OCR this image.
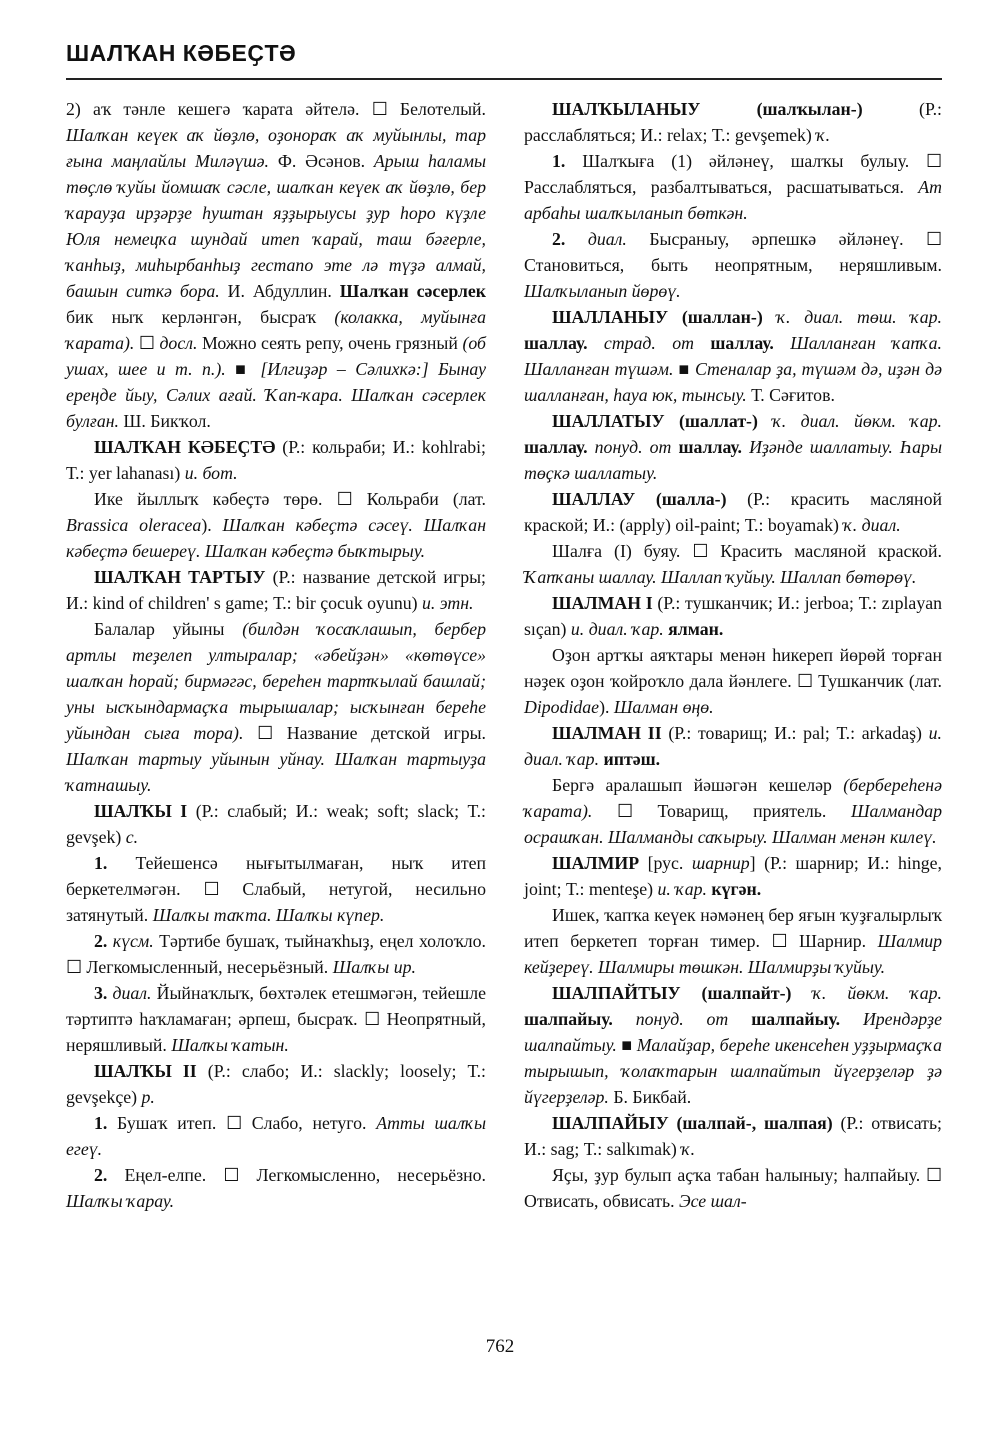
ШАЛҠАН КӘБЕҪТӘ

2) аҡ тәнле кешегә ҡарата әйтелә. ☐ Белотелый. Шалҡан кеүек аҡ йөҙлө, оҙонораҡ аҡ муйынлы, тар ғына маңлайлы Миләүшә. Ф. Әсәнов. Арыш һаламы төҫлө ҡуйы йомшаҡ сәсле, шалҡан кеүек аҡ йөҙлө, бер ҡарауҙа ирҙәрҙе һуштан яҙҙырыусы ҙур һоро күҙле Юля немецҡа шундай итеп ҡарай, таш бәғерле, ҡанһыҙ, миһырбанһыҙ гестапо эте лә түҙә алмай, башын ситкә бора. И. Абдуллин. Шалҡан сәсерлек бик ныҡ керләнгән, бысраҡ (колакка, муйынға ҡарата). ☐ досл. Можно сеять репу, очень грязный (об ушах, шее и т. п.). ■ [Илгиҙәр – Сәлихкә:] Бынау ереңде йыу, Сәлих ағай. Ҡап-ҡара. Шалҡан сәсерлек булған. Ш. Бикҡол.

ШАЛҠАН КӘБЕҪТӘ (Р.: кольраби; И.: kohlrabi; Т.: yer lahanası) и. бот.

Ике йыллыҡ кәбеҫтә төрө. ☐ Кольраби (лат. Brassica oleracea). Шалҡан кәбеҫтә сәсеү. Шалҡан кәбеҫтә бешереү. Шалҡан кәбеҫтә быҡтырыу.

ШАЛҠАН ТАРТЫУ (Р.: название детской игры; И.: kind of children' s game; Т.: bir çocuk oyunu) и. этн.

Балалар уйыны (билдән ҡосаҡлашып, бербер артлы теҙелеп ултыралар; «әбейҙән» «көтөүсе» шалҡан һорай; бирмәгәс, береһен тартҡылай башлай; уны ысҡындармаҫҡа тырышалар; ысҡынған береһе уйындан сыға тора). ☐ Название детской игры. Шалҡан тартыу уйынын уйнау. Шалҡан тартыуҙа ҡатнашыу.

ШАЛҠЫ I (Р.: слабый; И.: weak; soft; slack; Т.: gevşek) с.

1. Тейешенсә нығытылмаған, ныҡ итеп беркетелмәгән. ☐ Слабый, нетугой, несильно затянутый. Шалҡы таҡта. Шалҡы күпер.

2. күсм. Тәртибе бушаҡ, тыйнаҡһыҙ, еңел холоҡло. ☐ Легкомысленный, несерьёзный. Шалҡы ир.

3. диал. Йыйнаҡлыҡ, бөхтәлек етешмәгән, тейешле тәртиптә һаҡламаған; әрпеш, бысраҡ. ☐ Неопрятный, неряшливый. Шалҡы ҡатын.

ШАЛҠЫ II (Р.: слабо; И.: slackly; loosely; Т.: gevşekçe) р.

1. Бушаҡ итеп. ☐ Слабо, нетуго. Атты шалҡы егеү.

2. Еңел-елпе. ☐ Легкомысленно, несерьёзно. Шалҡы ҡарау.

ШАЛҠЫЛАНЫУ (шалҡылан-) (Р.: расслабляться; И.: relax; Т.: gevşemek) ҡ.

1. Шалҡыға (1) әйләнеү, шалҡы булыу. ☐ Расслабляться, разбалтываться, расшатываться. Ат арбаһы шалҡыланып бөткән.

2. диал. Бысраныу, әрпешкә әйләнеү. ☐ Становиться, быть неопрятным, неряшливым. Шалҡыланып йөрөү.

ШАЛЛАНЫУ (шаллан-) ҡ. диал. төш. ҡар. шаллау. страд. от шаллау. Шалланған ҡапҡа. Шалланған түшәм. ■ Стеналар ҙа, түшәм дә, иҙән дә шалланған, һауа юк, тынсыу. Т. Сәғитов.

ШАЛЛАТЫУ (шаллат-) ҡ. диал. йөкм. ҡар. шаллау. понуд. от шаллау. Иҙәнде шаллатыу. Һары төҫкә шаллатыу.

ШАЛЛАУ (шалла-) (Р.: красить масляной краской; И.: (apply) oil-paint; Т.: boyamak) ҡ. диал.

Шалға (I) буяу. ☐ Красить масляной краской. Ҡапҡаны шаллау. Шаллап ҡуйыу. Шаллап бөтөрөү.

ШАЛМАН I (Р.: тушканчик; И.: jerboa; Т.: zıplayan sıçan) и. диал. ҡар. ялман.

Оҙон артҡы аяҡтары менән һикереп йөрөй торған нәҙек оҙон ҡойроҡло дала йәнлеге. ☐ Тушканчик (лат. Dipodidae). Шалман өңө.

ШАЛМАН II (Р.: товарищ; И.: pal; Т.: arkadaş) и. диал. ҡар. иптәш.

Бергә аралашып йәшәгән кешеләр (берберeһенә ҡарата). ☐ Товарищ, приятель. Шалмандар осрашҡан. Шалманды саҡырыу. Шалман менән килеү.

ШАЛМИР [рус. шарнир] (Р.: шарнир; И.: hinge, joint; Т.: menteşe) и. ҡар. күгән.

Ишек, ҡапҡа кеүек нәмәнең бер яғын ҡуҙғалырлыҡ итеп беркетеп торған тимер. ☐ Шарнир. Шалмир кейҙереү. Шалмиры төшкән. Шалмирҙы ҡуйыу.

ШАЛПАЙТЫУ (шалпайт-) ҡ. йөкм. ҡар. шалпайыу. понуд. от шалпайыу. Ирендәрҙе шалпайтыу. ■ Малайҙар, береһе икенсеһен уҙҙырмаҫҡа тырышып, ҡолаҡтарын шалпайтып йүгерҙеләр ҙә йүгерҙеләр. Б. Бикбай.

ШАЛПАЙЫУ (шалпай-, шалпая) (Р.: отвисать; И.: sag; Т.: salkımak) ҡ.

Яҫы, ҙур булып аҫҡа табан һалыныу; һалпайыу. ☐ Отвисать, обвисать. Эсе шал-

762
